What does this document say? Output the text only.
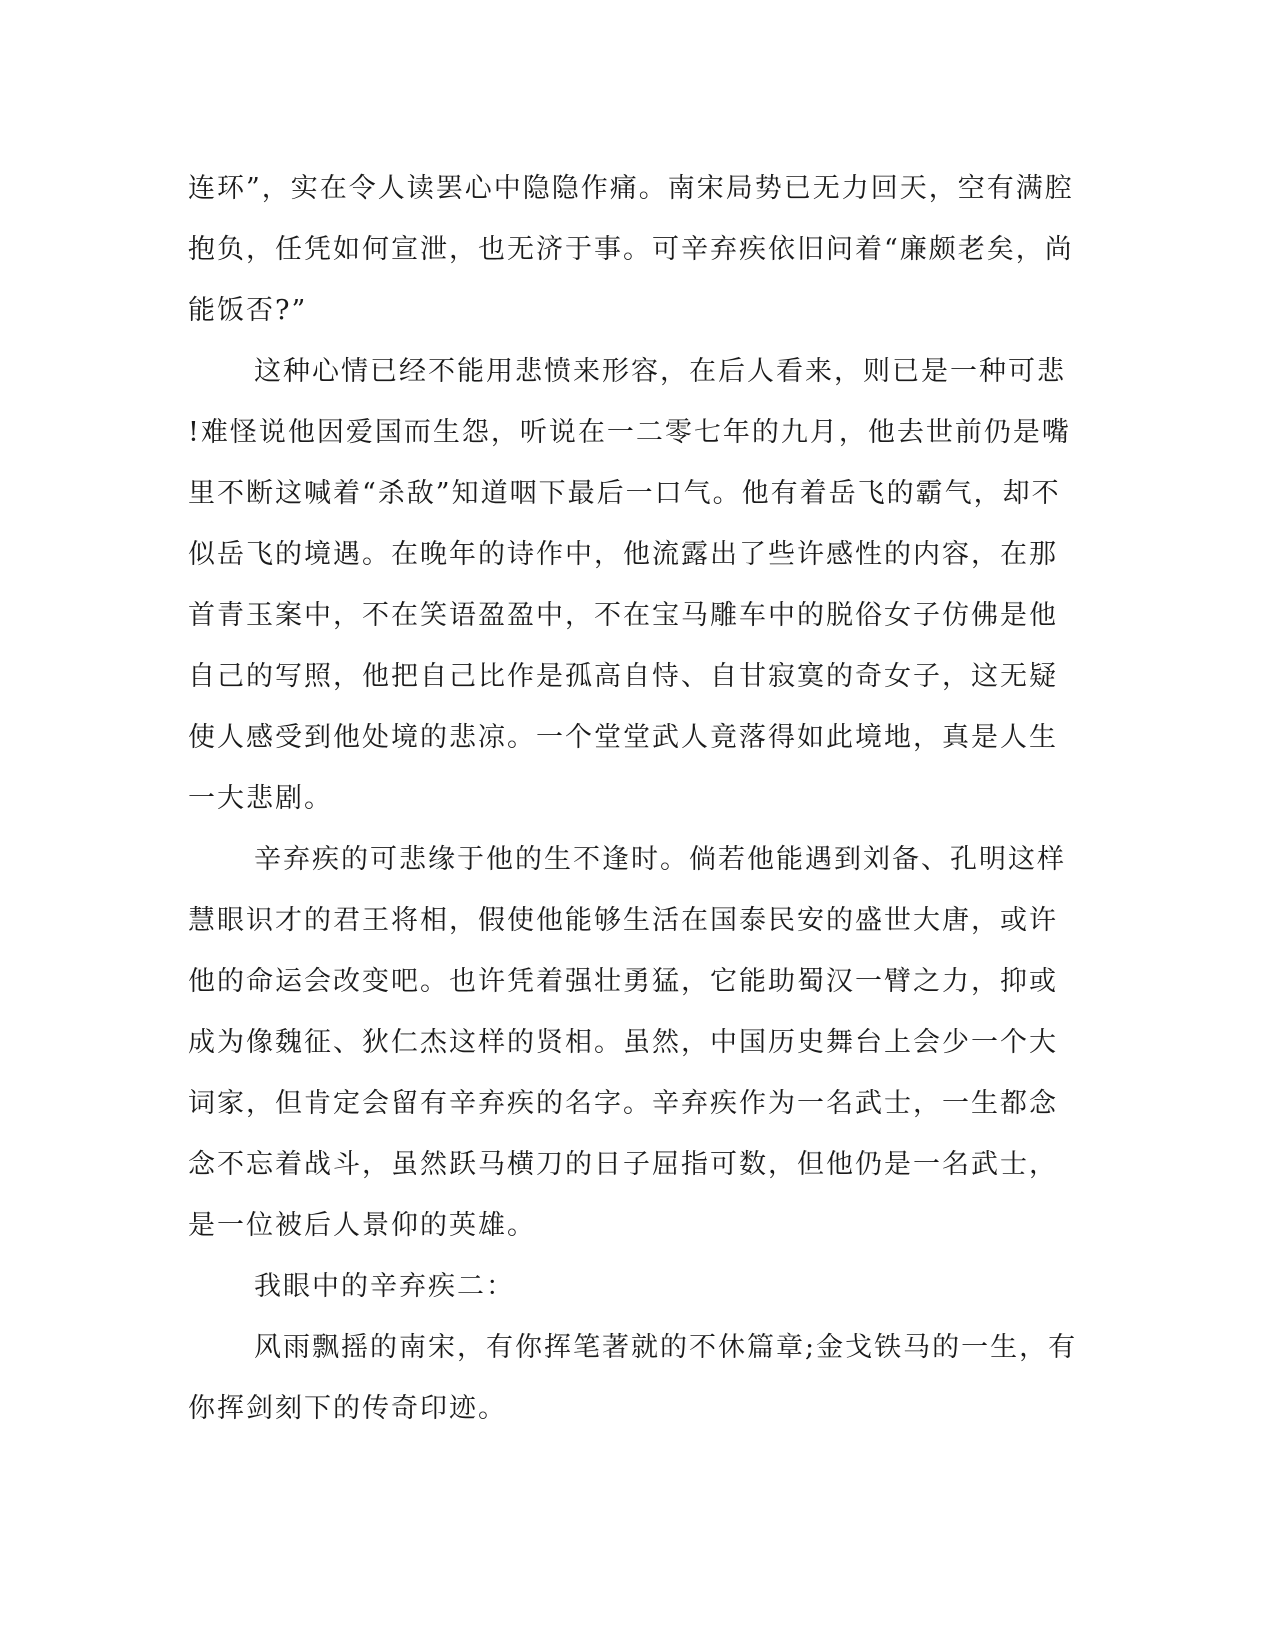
连环”，实在令人读罢心中隐隐作痛。南宋局势已无力回天，空有满腔
抱负，任凭如何宣泄，也无济于事。可辛弃疾依旧问着“廉颇老矣，尚
能饭否?”
这种心情已经不能用悲愤来形容，在后人看来，则已是一种可悲
!难怪说他因爱国而生怨，听说在一二零七年的九月，他去世前仍是嘴
里不断这喊着“杀敌”知道咽下最后一口气。他有着岳飞的霸气，却不
似岳飞的境遇。在晚年的诗作中，他流露出了些许感性的内容，在那
首青玉案中，不在笑语盈盈中，不在宝马雕车中的脱俗女子仿佛是他
自己的写照，他把自己比作是孤高自恃、自甘寂寞的奇女子，这无疑
使人感受到他处境的悲凉。一个堂堂武人竟落得如此境地，真是人生
一大悲剧。
辛弃疾的可悲缘于他的生不逢时。倘若他能遇到刘备、孔明这样
慧眼识才的君王将相，假使他能够生活在国泰民安的盛世大唐，或许
他的命运会改变吧。也许凭着强壮勇猛，它能助蜀汉一臂之力，抑或
成为像魏征、狄仁杰这样的贤相。虽然，中国历史舞台上会少一个大
词家，但肯定会留有辛弃疾的名字。辛弃疾作为一名武士，一生都念
念不忘着战斗，虽然跃马横刀的日子屈指可数，但他仍是一名武士，
是一位被后人景仰的英雄。
我眼中的辛弃疾二：
风雨飘摇的南宋，有你挥笔著就的不休篇章;金戈铁马的一生，有
你挥剑刻下的传奇印迹。
